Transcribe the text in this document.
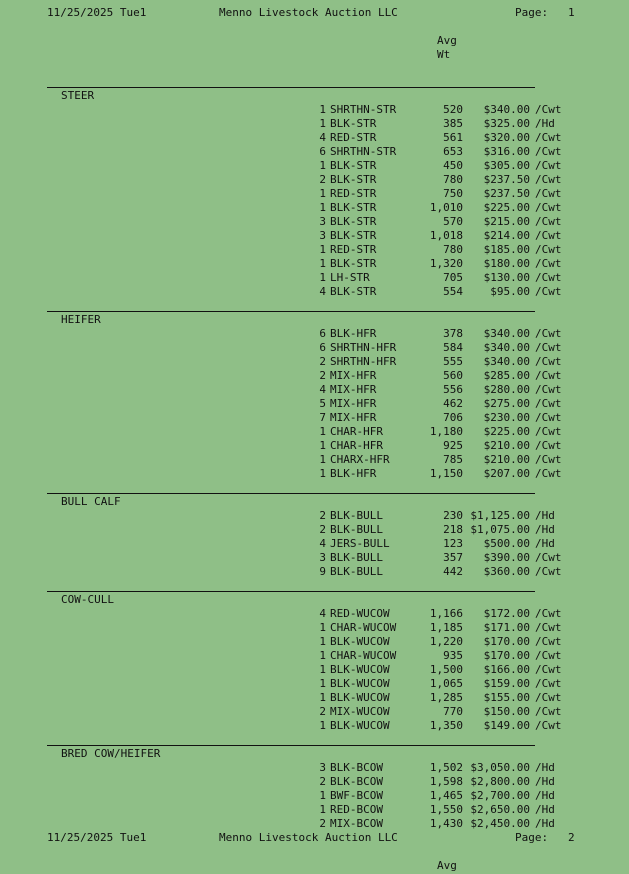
11/25/2025 Tue1	Menno Livestock Auction LLC	Page: 1
Avg
Wt
STEER
1 SHRTHN-STR	520	$340.00 /Cwt
1 BLK-STR	385	$325.00 /Hd
4 RED-STR	561	$320.00 /Cwt
6 SHRTHN-STR	653	$316.00 /Cwt
1 BLK-STR	450	$305.00 /Cwt
2 BLK-STR	780	$237.50 /Cwt
1 RED-STR	750	$237.50 /Cwt
1 BLK-STR	1,010	$225.00 /Cwt
3 BLK-STR	570	$215.00 /Cwt
3 BLK-STR	1,018	$214.00 /Cwt
1 RED-STR	780	$185.00 /Cwt
1 BLK-STR	1,320	$180.00 /Cwt
1 LH-STR	705	$130.00 /Cwt
4 BLK-STR	554	$95.00 /Cwt
HEIFER
6 BLK-HFR	378	$340.00 /Cwt
6 SHRTHN-HFR	584	$340.00 /Cwt
2 SHRTHN-HFR	555	$340.00 /Cwt
2 MIX-HFR	560	$285.00 /Cwt
4 MIX-HFR	556	$280.00 /Cwt
5 MIX-HFR	462	$275.00 /Cwt
7 MIX-HFR	706	$230.00 /Cwt
1 CHAR-HFR	1,180	$225.00 /Cwt
1 CHAR-HFR	925	$210.00 /Cwt
1 CHARX-HFR	785	$210.00 /Cwt
1 BLK-HFR	1,150	$207.00 /Cwt
BULL CALF
2 BLK-BULL	230 $1,125.00 /Hd
2 BLK-BULL	218 $1,075.00 /Hd
4 JERS-BULL	123	$500.00 /Hd
3 BLK-BULL	357	$390.00 /Cwt
9 BLK-BULL	442	$360.00 /Cwt
COW-CULL
4 RED-WUCOW	1,166	$172.00 /Cwt
1 CHAR-WUCOW	1,185	$171.00 /Cwt
1 BLK-WUCOW	1,220	$170.00 /Cwt
1 CHAR-WUCOW	935	$170.00 /Cwt
1 BLK-WUCOW	1,500	$166.00 /Cwt
1 BLK-WUCOW	1,065	$159.00 /Cwt
1 BLK-WUCOW	1,285	$155.00 /Cwt
2 MIX-WUCOW	770	$150.00 /Cwt
1 BLK-WUCOW	1,350	$149.00 /Cwt
BRED COW/HEIFER
3 BLK-BCOW	1,502 $3,050.00 /Hd
2 BLK-BCOW	1,598 $2,800.00 /Hd
1 BWF-BCOW	1,465 $2,700.00 /Hd
1 RED-BCOW	1,550 $2,650.00 /Hd
2 MIX-BCOW	1,430 $2,450.00 /Hd
11/25/2025 Tue1	Menno Livestock Auction LLC	Page: 2
Avg
